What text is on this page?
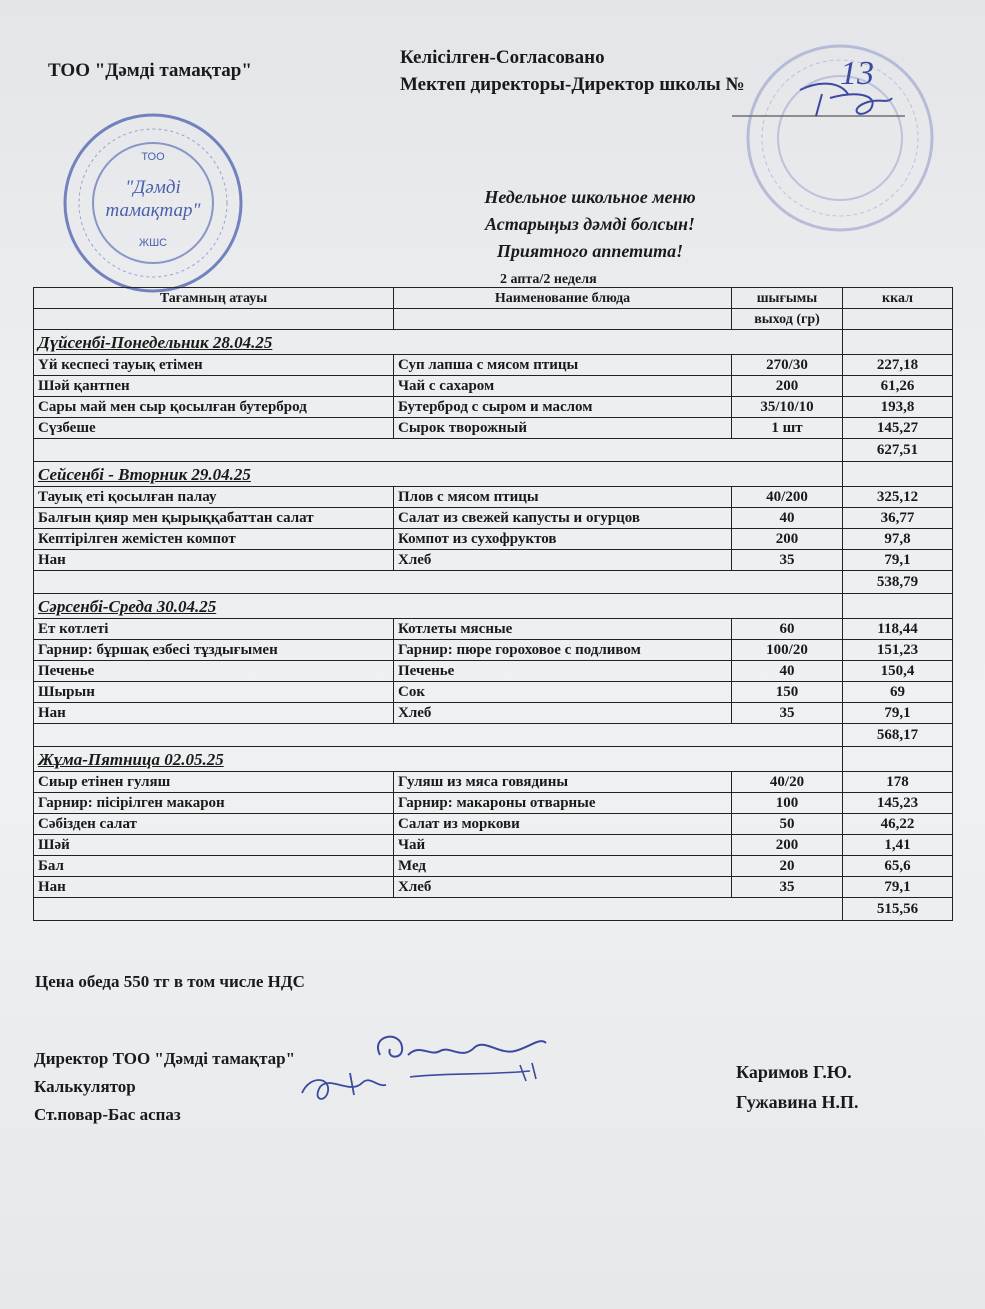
ТОО "Дәмді тамақтар"
Келісілген-Согласовано
Мектеп директоры-Директор школы №	13
ТОО
"Дәмді
тамақтар"
ЖШС
Недельное школьное меню
Астарыңыз дәмді болсын!
Приятного аппетита!
2 апта/2 неделя
Тағамның атауы	Наименование блюда	шығымы	ккал
		выход (гр)	
Дүйсенбі-Понедельник 28.04.25			
Үй кеспесі тауық етімен	Суп лапша с мясом птицы	270/30	227,18
Шәй қантпен	Чай с сахаром	200	61,26
Сары май мен сыр қосылған бутерброд	Бутерброд с сыром и маслом	35/10/10	193,8
Сүзбеше	Сырок творожный	1 шт	145,27
			627,51
Сейсенбі - Вторник 29.04.25			
Тауық еті қосылған палау	Плов с мясом птицы	40/200	325,12
Балғын қияр мен қырыққабаттан салат	Салат из свежей капусты и огурцов	40	36,77
Кептірілген жемістен компот	Компот из сухофруктов	200	97,8
Нан	Хлеб	35	79,1
			538,79
Сәрсенбі-Среда 30.04.25			
Ет котлеті	Котлеты мясные	60	118,44
Гарнир: бұршақ езбесі тұздығымен	Гарнир: пюре гороховое с подливом	100/20	151,23
Печенье	Печенье	40	150,4
Шырын	Сок	150	69
Нан	Хлеб	35	79,1
			568,17
Жұма-Пятница 02.05.25			
Сиыр етінен гуляш	Гуляш из мяса говядины	40/20	178
Гарнир: пісірілген макарон	Гарнир: макароны отварные	100	145,23
Сәбізден салат	Салат из моркови	50	46,22
Шәй	Чай	200	1,41
Бал	Мед	20	65,6
Нан	Хлеб	35	79,1
			515,56
Цена обеда 550 тг в том числе НДС
Директор ТОО "Дәмді тамақтар"
Калькулятор
Ст.повар-Бас аспаз
Каримов Г.Ю.
Гужавина Н.П.
